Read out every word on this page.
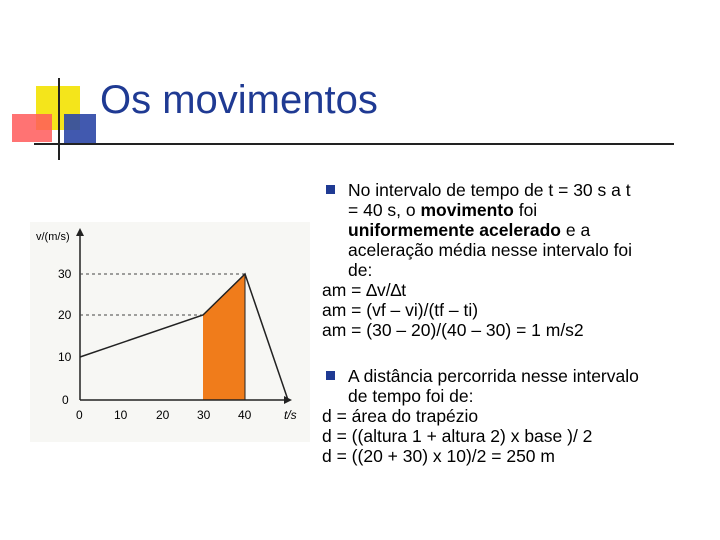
Os movimentos
v/(m/s)
30
20
10
0
0	10 20 30 40	t/s
No intervalo de tempo de t = 30 s a t
= 40 s, o movimento foi
uniformemente acelerado e a
aceleração média nesse intervalo foi
de:
am = ∆v/∆t
am = (vf – vi)/(tf – ti)
am = (30 – 20)/(40 – 30) = 1 m/s2
A distância percorrida nesse intervalo
de tempo foi de:
d = área do trapézio
d = ((altura 1 + altura 2) x base )/ 2
d = ((20 + 30) x 10)/2 = 250 m
